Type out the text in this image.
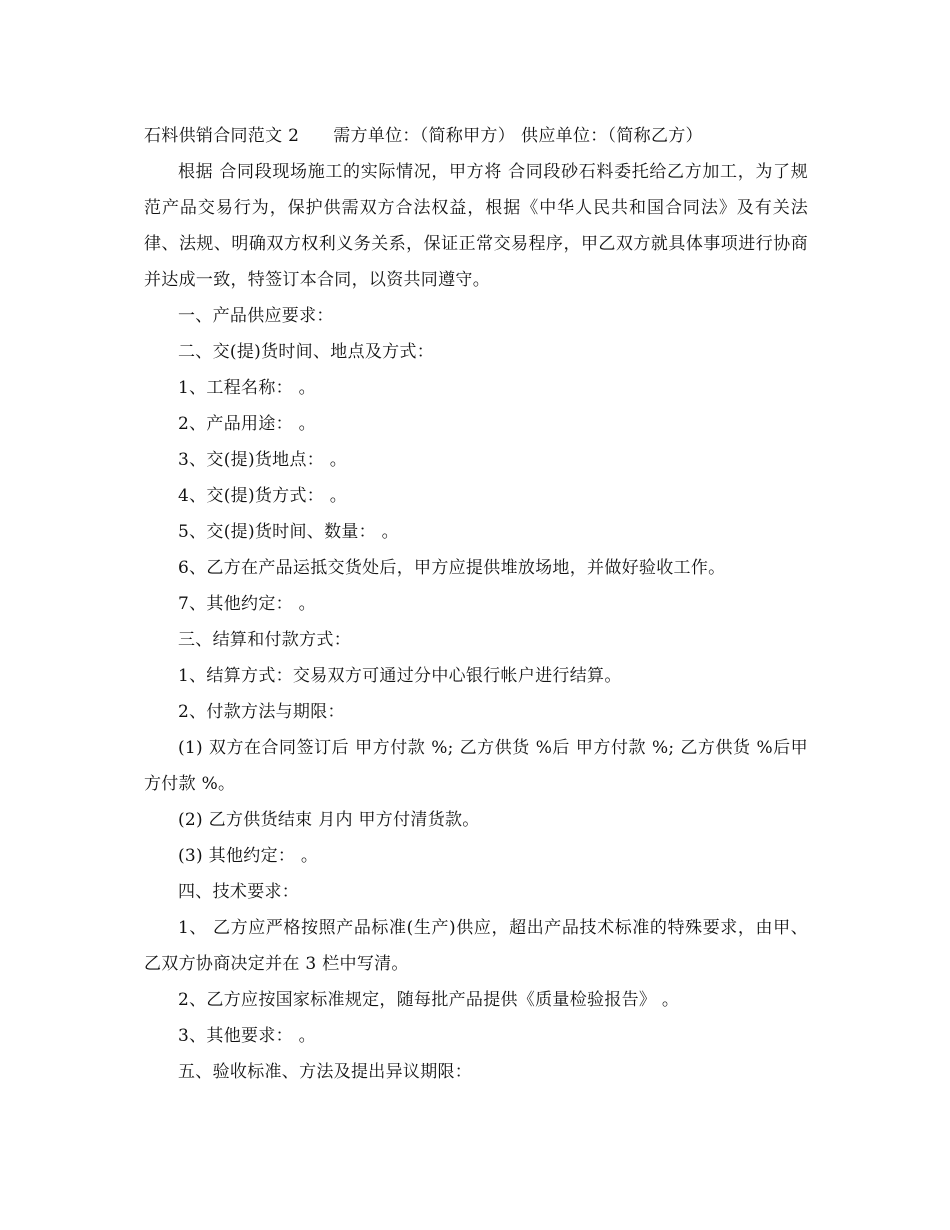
石料供销合同范文 2 需方单位：（简称甲方） 供应单位：（简称乙方）
根据 合同段现场施工的实际情况，甲方将 合同段砂石料委托给乙方加工，为了规范产品交易行为，保护供需双方合法权益，根据《中华人民共和国合同法》及有关法律、法规、明确双方权利义务关系，保证正常交易程序，甲乙双方就具体事项进行协商并达成一致，特签订本合同，以资共同遵守。
一、产品供应要求：
二、交(提)货时间、地点及方式：
1、工程名称： 。
2、产品用途： 。
3、交(提)货地点： 。
4、交(提)货方式： 。
5、交(提)货时间、数量： 。
6、乙方在产品运抵交货处后，甲方应提供堆放场地，并做好验收工作。
7、其他约定： 。
三、结算和付款方式：
1、结算方式：交易双方可通过分中心银行帐户进行结算。
2、付款方法与期限：
(1) 双方在合同签订后 甲方付款 %; 乙方供货 %后 甲方付款 %; 乙方供货 %后甲方付款 %。
(2) 乙方供货结束 月内 甲方付清货款。
(3) 其他约定： 。
四、技术要求：
1、 乙方应严格按照产品标准(生产)供应，超出产品技术标准的特殊要求，由甲、乙双方协商决定并在 3 栏中写清。
2、乙方应按国家标准规定，随每批产品提供《质量检验报告》 。
3、其他要求： 。
五、验收标准、方法及提出异议期限：
